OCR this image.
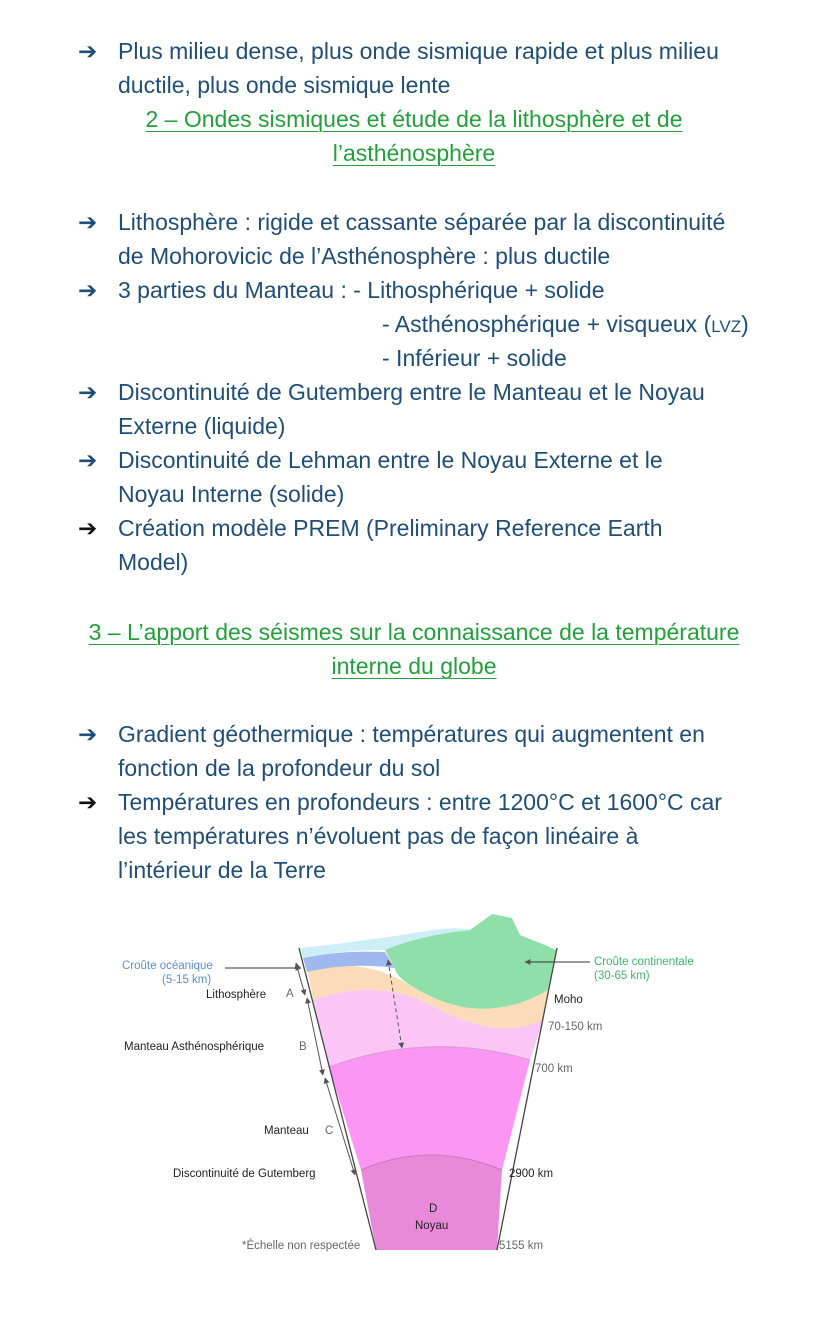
➔ Plus milieu dense, plus onde sismique rapide et plus milieu
ductile, plus onde sismique lente
2 – Ondes sismiques et étude de la lithosphère et de
l’asthénosphère
➔ Lithosphère : rigide et cassante séparée par la discontinuité
de Mohorovicic de l’Asthénosphère : plus ductile
➔ 3 parties du Manteau : - Lithosphérique + solide
- Asthénosphérique + visqueux (LVZ)
- Inférieur + solide
➔ Discontinuité de Gutemberg entre le Manteau et le Noyau
Externe (liquide)
➔ Discontinuité de Lehman entre le Noyau Externe et le
Noyau Interne (solide)
➔ Création modèle PREM (Preliminary Reference Earth
Model)
3 – L’apport des séismes sur la connaissance de la température
interne du globe
➔ Gradient géothermique : températures qui augmentent en
fonction de la profondeur du sol
➔ Températures en profondeurs : entre 1200°C et 1600°C car
les températures n’évoluent pas de façon linéaire à
l’intérieur de la Terre
Croûte océanique
(5-15 km)
Lithosphère A
Manteau Asthénosphérique	B
Manteau C
Discontinuité de Gutemberg
*Échelle non respectée
D
Noyau
Croûte continentale
(30-65 km)
Moho
70-150 km
700 km
2900 km
5155 km
